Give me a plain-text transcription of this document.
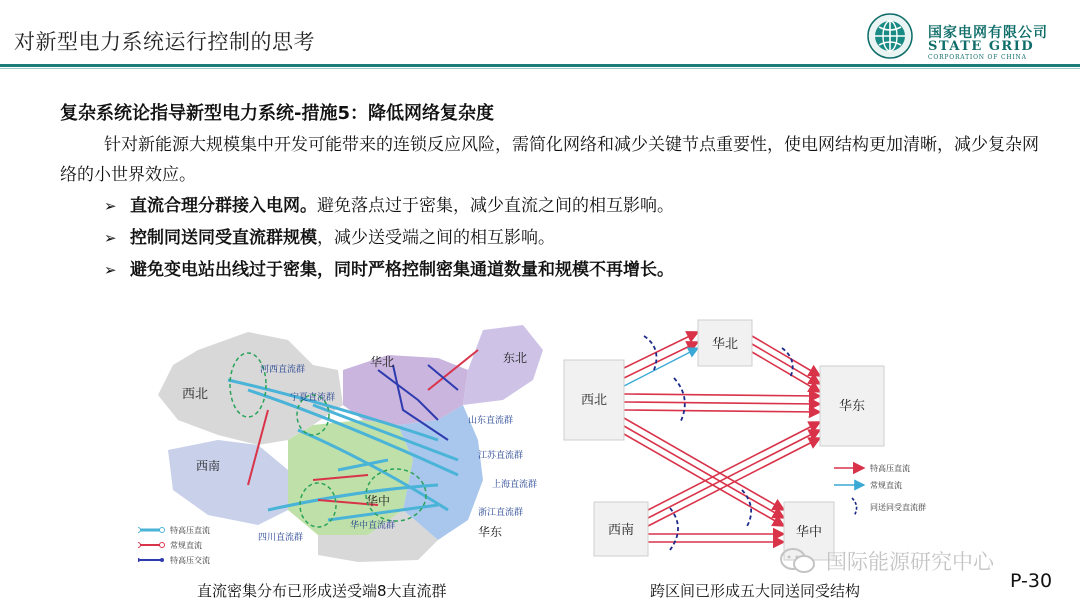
对新型电力系统运行控制的思考	国家电网有限公司
STATE GRID
CORPORATION OF CHINA
复杂系统论指导新型电力系统-措施5：降低网络复杂度
针对新能源大规模集中开发可能带来的连锁反应风险，需简化网络和减少关键节点重要性，使电网结构更加清晰，减少复杂网络的小世界效应。
➢ 直流合理分群接入电网。避免落点过于密集，减少直流之间的相互影响。
➢ 控制同送同受直流群规模，减少送受端之间的相互影响。
➢ 避免变电站出线过于密集，同时严格控制密集通道数量和规模不再增长。
西北
华北	东北
西南
华中
华东
河西直流群
宁夏直流群
山东直流群
江苏直流群
上海直流群
浙江直流群
华中直流群
四川直流群
特高压直流
常规直流
特高压交流
直流密集分布已形成送受端8大直流群
西北
华北
华东
西南	华中
特高压直流
常规直流
同送同受直流群
跨区间已形成五大同送同受结构
国际能源研究中心
P-30
